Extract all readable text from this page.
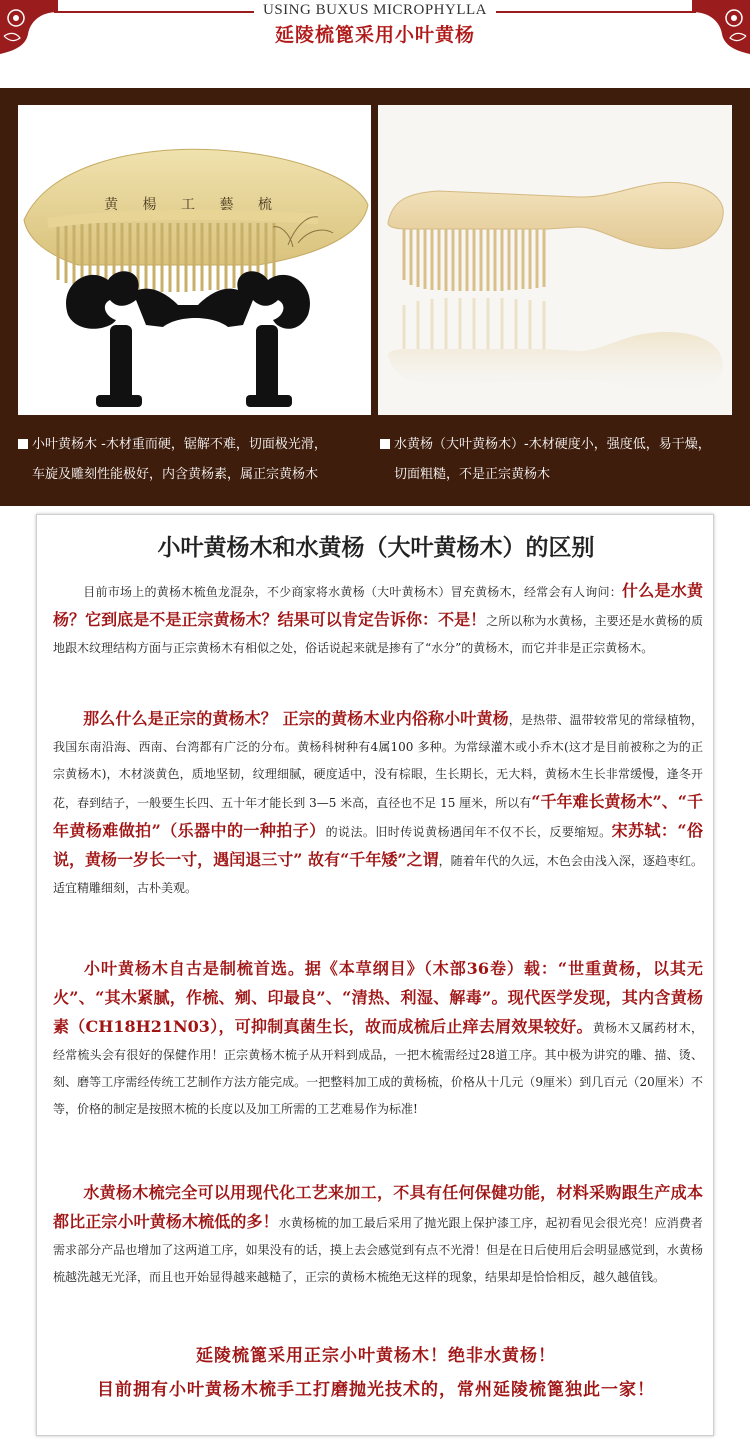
USING BUXUS MICROPHYLLA
延陵梳篦采用小叶黄杨
黄 楊 工 藝 梳
小叶黄杨木 -木材重而硬，锯解不难，切面极光滑，
车旋及雕刻性能极好，内含黄杨素，属正宗黄杨木
水黄杨（大叶黄杨木）-木材硬度小，强度低，易干燥，
切面粗糙，不是正宗黄杨木
小叶黄杨木和水黄杨（大叶黄杨木）的区别
目前市场上的黄杨木梳鱼龙混杂，不少商家将水黄杨（大叶黄杨木）冒充黄杨木，经常会有人询问：什么是水黄杨？它到底是不是正宗黄杨木？结果可以肯定告诉你：不是！之所以称为水黄杨，主要还是水黄杨的质地跟木纹理结构方面与正宗黄杨木有相似之处，俗话说起来就是掺有了“水分”的黄杨木，而它并非是正宗黄杨木。
那么什么是正宗的黄杨木？ 正宗的黄杨木业内俗称小叶黄杨，是热带、温带较常见的常绿植物，我国东南沿海、西南、台湾都有广泛的分布。黄杨科树种有4属100 多种。为常绿灌木或小乔木(这才是目前被称之为的正宗黄杨木)，木材淡黄色，质地坚韧，纹理细腻，硬度适中，没有棕眼，生长期长，无大料，黄杨木生长非常缓慢，逢冬开花，春到结子，一般要生长四、五十年才能长到 3—5 米高，直径也不足 15 厘米，所以有“千年难长黄杨木”、“千年黄杨难做拍”（乐器中的一种拍子）的说法。旧时传说黄杨遇闰年不仅不长，反要缩短。宋苏轼：“俗说，黄杨一岁长一寸，遇闰退三寸” 故有“千年矮”之谓，随着年代的久远，木色会由浅入深，逐趋枣红。适宜精雕细刻，古朴美观。
小叶黄杨木自古是制梳首选。据《本草纲目》（木部36卷）载：“世重黄杨，以其无火”、“其木紧腻，作梳、剜、印最良”、“清热、利湿、解毒”。现代医学发现，其内含黄杨素（CH18H21N03），可抑制真菌生长，故而成梳后止痒去屑效果较好。黄杨木又属药材木，经常梳头会有很好的保健作用！正宗黄杨木梳子从开料到成品，一把木梳需经过28道工序。其中极为讲究的雕、描、烫、刻、磨等工序需经传统工艺制作方法方能完成。一把整料加工成的黄杨梳，价格从十几元（9厘米）到几百元（20厘米）不等，价格的制定是按照木梳的长度以及加工所需的工艺难易作为标准!
水黄杨木梳完全可以用现代化工艺来加工，不具有任何保健功能，材料采购跟生产成本都比正宗小叶黄杨木梳低的多！水黄杨梳的加工最后采用了抛光跟上保护漆工序，起初看见会很光亮！应消费者需求部分产品也增加了这两道工序，如果没有的话，摸上去会感觉到有点不光滑！但是在日后使用后会明显感觉到，水黄杨梳越洗越无光泽，而且也开始显得越来越糙了，正宗的黄杨木梳绝无这样的现象，结果却是恰恰相反，越久越值钱。
延陵梳篦采用正宗小叶黄杨木！绝非水黄杨！
目前拥有小叶黄杨木梳手工打磨抛光技术的，常州延陵梳篦独此一家！
